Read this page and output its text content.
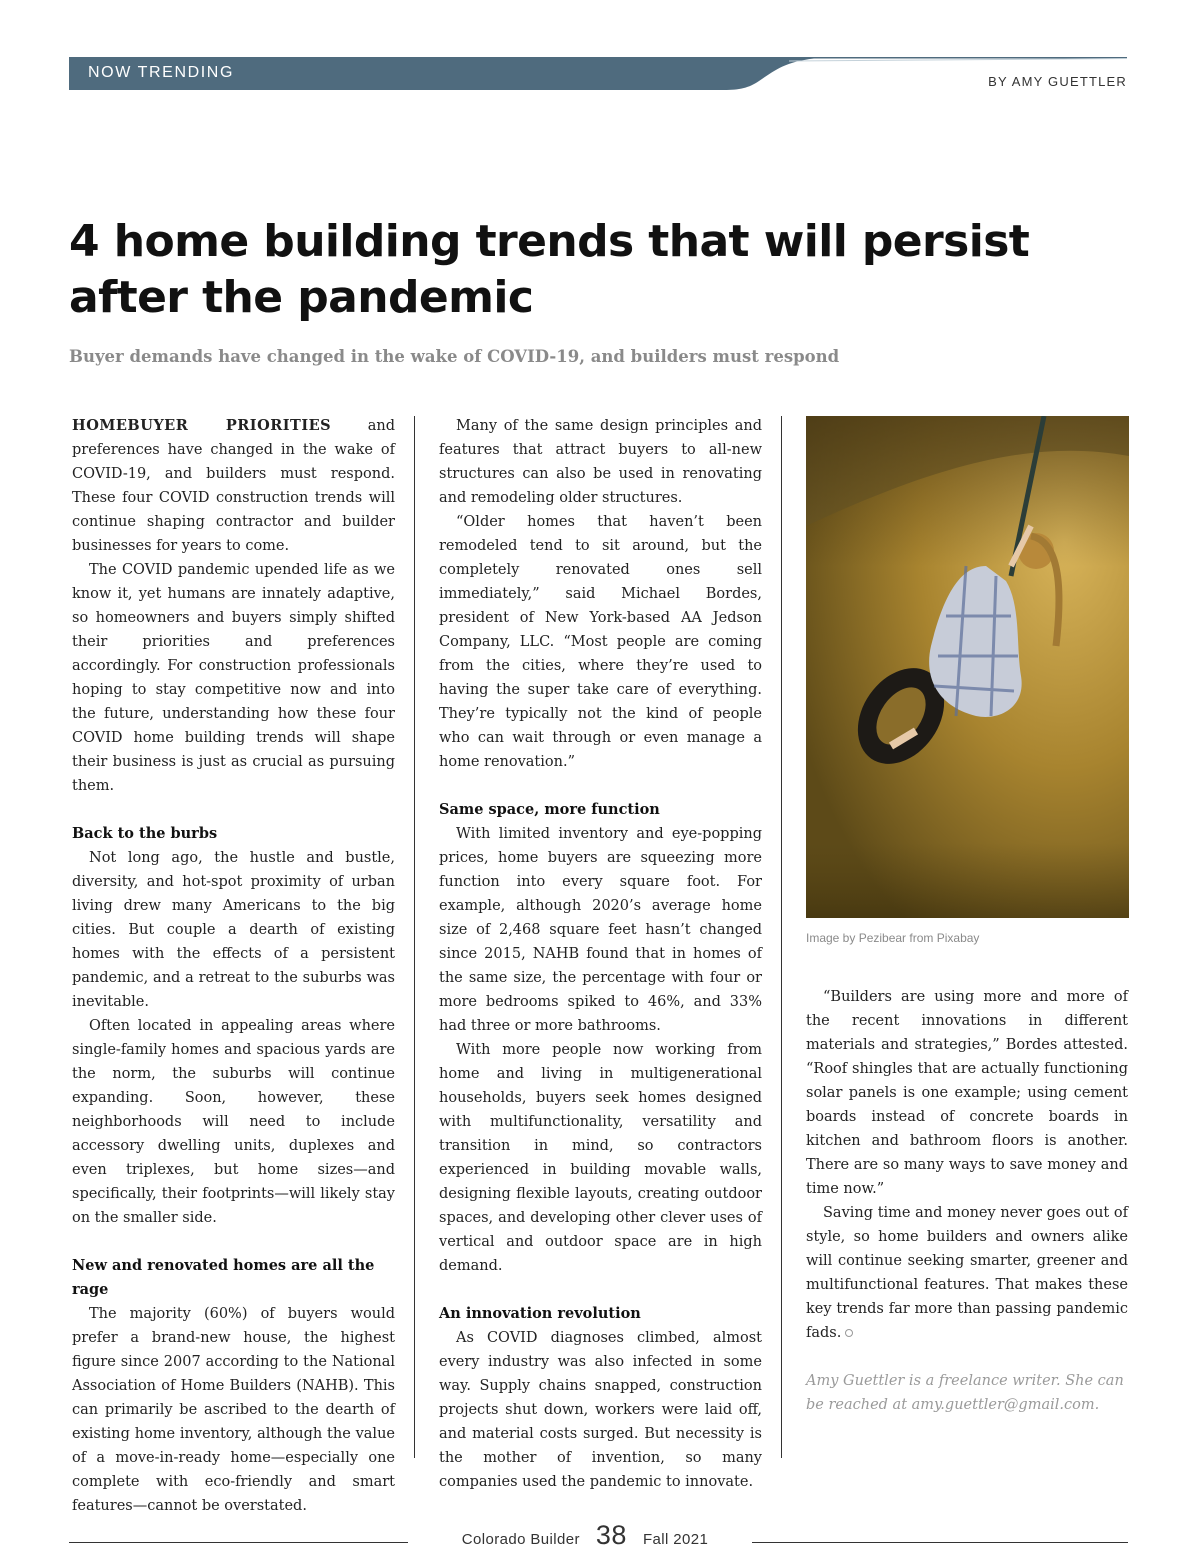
NOW TRENDING
BY AMY GUETTLER
4 home building trends that will persist
after the pandemic

Buyer demands have changed in the wake of COVID-19, and builders must respond

HOMEBUYER PRIORITIES and preferences have changed in the wake of COVID-19, and builders must respond. These four COVID construction trends will continue shaping contractor and builder businesses for years to come.

The COVID pandemic upended life as we know it, yet humans are innately adaptive, so homeowners and buyers simply shifted their priorities and preferences accordingly. For construction professionals hoping to stay competitive now and into the future, understanding how these four COVID home building trends will shape their business is just as crucial as pursuing them.

Back to the burbs

Not long ago, the hustle and bustle, diversity, and hot-spot proximity of urban living drew many Americans to the big cities. But couple a dearth of existing homes with the effects of a persistent pandemic, and a retreat to the suburbs was inevitable.

Often located in appealing areas where single-family homes and spacious yards are the norm, the suburbs will continue expanding. Soon, however, these neighborhoods will need to include accessory dwelling units, duplexes and even triplexes, but home sizes—and specifically, their footprints—will likely stay on the smaller side.

New and renovated homes are all the rage

The majority (60%) of buyers would prefer a brand-new house, the highest figure since 2007 according to the National Association of Home Builders (NAHB). This can primarily be ascribed to the dearth of existing home inventory, although the value of a move-in-ready home—especially one complete with eco-friendly and smart features—cannot be overstated.

Many of the same design principles and features that attract buyers to all-new structures can also be used in renovating and remodeling older structures.

“Older homes that haven’t been remodeled tend to sit around, but the completely renovated ones sell immediately,” said Michael Bordes, president of New York-based AA Jedson Company, LLC. “Most people are coming from the cities, where they’re used to having the super take care of everything. They’re typically not the kind of people who can wait through or even manage a home renovation.”

Same space, more function

With limited inventory and eye-popping prices, home buyers are squeezing more function into every square foot. For example, although 2020’s average home size of 2,468 square feet hasn’t changed since 2015, NAHB found that in homes of the same size, the percentage with four or more bedrooms spiked to 46%, and 33% had three or more bathrooms.

With more people now working from home and living in multigenerational households, buyers seek homes designed with multifunctionality, versatility and transition in mind, so contractors experienced in building movable walls, designing flexible layouts, creating outdoor spaces, and developing other clever uses of vertical and outdoor space are in high demand.

An innovation revolution

As COVID diagnoses climbed, almost every industry was also infected in some way. Supply chains snapped, construction projects shut down, workers were laid off, and material costs surged. But necessity is the mother of invention, so many companies used the pandemic to innovate.

Image by Pezibear from Pixabay

“Builders are using more and more of the recent innovations in different materials and strategies,” Bordes attested. “Roof shingles that are actually functioning solar panels is one example; using cement boards instead of concrete boards in kitchen and bathroom floors is another. There are so many ways to save money and time now.”

Saving time and money never goes out of style, so home builders and owners alike will continue seeking smarter, greener and multifunctional features. That makes these key trends far more than passing pandemic fads.

Amy Guettler is a freelance writer. She can be reached at amy.guettler@gmail.com.

Colorado Builder 38 Fall 2021
